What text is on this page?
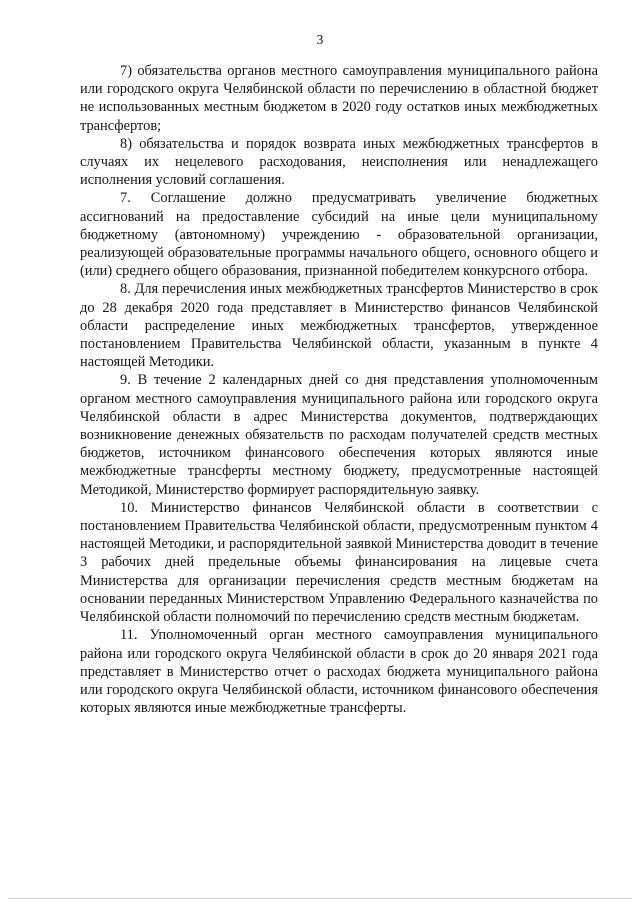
3

7) обязательства органов местного самоуправления муниципального района или городского округа Челябинской области по перечислению в областной бюджет не использованных местным бюджетом в 2020 году остатков иных межбюджетных трансфертов;

8) обязательства и порядок возврата иных межбюджетных трансфертов в случаях их нецелевого расходования, неисполнения или ненадлежащего исполнения условий соглашения.

7. Соглашение должно предусматривать увеличение бюджетных ассигнований на предоставление субсидий на иные цели муниципальному бюджетному (автономному) учреждению - образовательной организации, реализующей образовательные программы начального общего, основного общего и (или) среднего общего образования, признанной победителем конкурсного отбора.

8. Для перечисления иных межбюджетных трансфертов Министерство в срок до 28 декабря 2020 года представляет в Министерство финансов Челябинской области распределение иных межбюджетных трансфертов, утвержденное постановлением Правительства Челябинской области, указанным в пункте 4 настоящей Методики.

9. В течение 2 календарных дней со дня представления уполномоченным органом местного самоуправления муниципального района или городского округа Челябинской области в адрес Министерства документов, подтверждающих возникновение денежных обязательств по расходам получателей средств местных бюджетов, источником финансового обеспечения которых являются иные межбюджетные трансферты местному бюджету, предусмотренные настоящей Методикой, Министерство формирует распорядительную заявку.

10. Министерство финансов Челябинской области в соответствии с постановлением Правительства Челябинской области, предусмотренным пунктом 4 настоящей Методики, и распорядительной заявкой Министерства доводит в течение 3 рабочих дней предельные объемы финансирования на лицевые счета Министерства для организации перечисления средств местным бюджетам на основании переданных Министерством Управлению Федерального казначейства по Челябинской области полномочий по перечислению средств местным бюджетам.

11. Уполномоченный орган местного самоуправления муниципального района или городского округа Челябинской области в срок до 20 января 2021 года представляет в Министерство отчет о расходах бюджета муниципального района или городского округа Челябинской области, источником финансового обеспечения которых являются иные межбюджетные трансферты.
